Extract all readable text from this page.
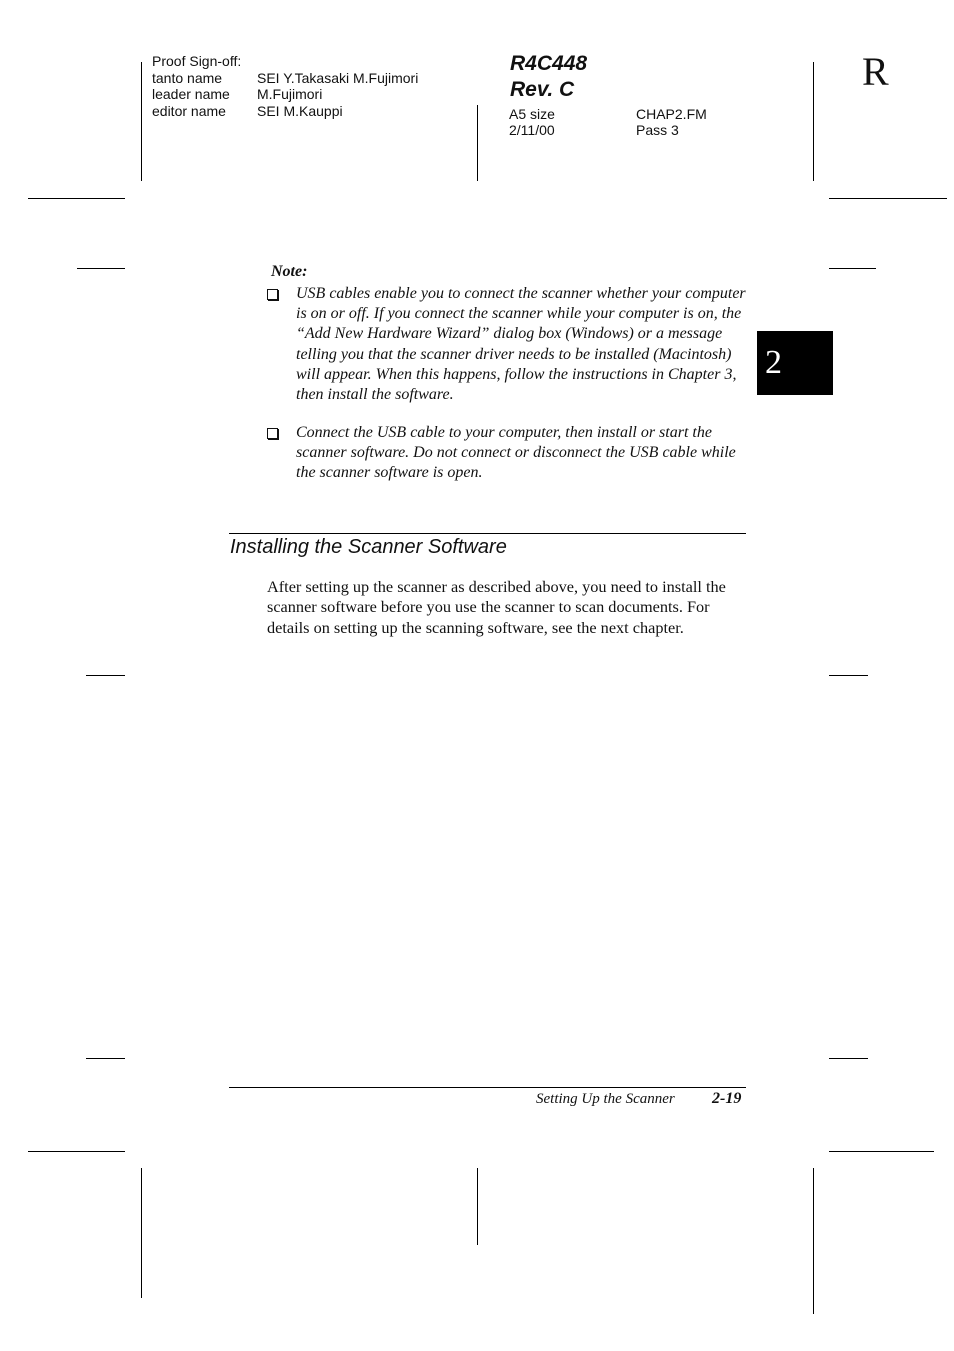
Proof Sign-off:
tanto name SEI Y.Takasaki M.Fujimori
leader name M.Fujimori
editor name SEI M.Kauppi
R4C448
Rev. C
A5 size
2/11/00
CHAP2.FM
Pass 3
R
2
Note:
USB cables enable you to connect the scanner whether your computer is on or off. If you connect the scanner while your computer is on, the “Add New Hardware Wizard” dialog box (Windows) or a message telling you that the scanner driver needs to be installed (Macintosh) will appear. When this happens, follow the instructions in Chapter 3, then install the software.
Connect the USB cable to your computer, then install or start the scanner software. Do not connect or disconnect the USB cable while the scanner software is open.
Installing the Scanner Software
After setting up the scanner as described above, you need to install the scanner software before you use the scanner to scan documents. For details on setting up the scanning software, see the next chapter.
Setting Up the Scanner 2-19
